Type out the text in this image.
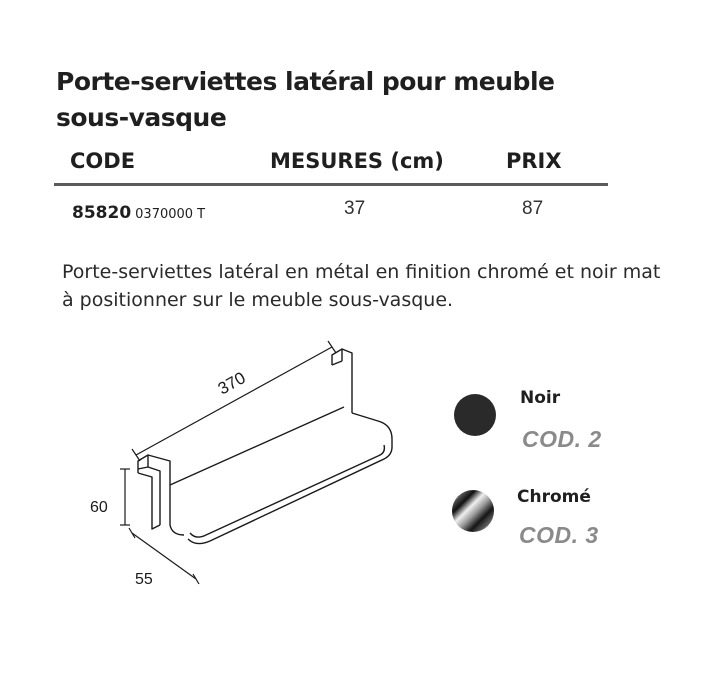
Porte-serviettes latéral pour meuble sous-vasque
CODE	MESURES (cm)	PRIX
85820 0370000 T	37	87
Porte-serviettes latéral en métal en finition chromé et noir mat à positionner sur le meuble sous-vasque.
370
60
55
Noir
COD. 2
Chromé
COD. 3
